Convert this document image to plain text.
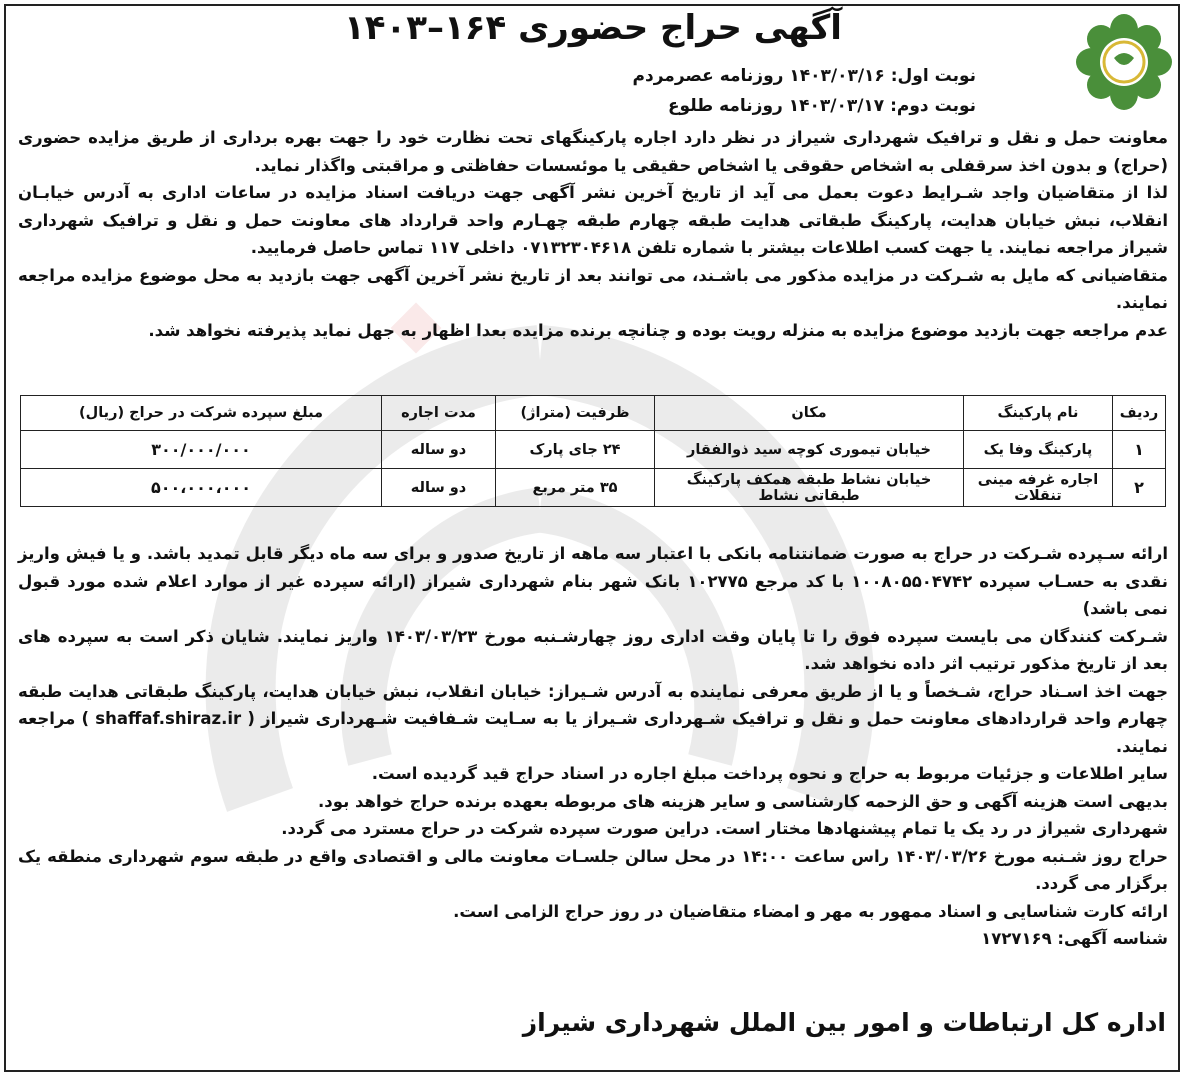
آگهی حراج حضوری ۱۶۴–۱۴۰۳
نوبت اول: ۱۴۰۳/۰۳/۱۶ روزنامه عصرمردم
نوبت دوم: ۱۴۰۳/۰۳/۱۷ روزنامه طلوع
معاونت حمل و نقل و ترافیک شهرداری شیراز در نظر دارد اجاره پارکینگهای تحت نظارت خود را جهت بهره برداری از طریق مزایده حضوری (حراج) و بدون اخذ سرقفلی به اشخاص حقوقی یا اشخاص حقیقی یا موئسسات حفاظتی و مراقبتی واگذار نماید.
لذا از متقاضیان واجد شـرایط دعوت بعمل می آید از تاریخ آخرین نشر آگهی جهت دریافت اسناد مزایده در ساعات اداری به آدرس خیابـان انقلاب، نبش خیابان هدایت، پارکینگ طبقاتی هدایت طبقه چهارم طبقه چهـارم واحد قرارداد های معاونت حمل و نقل و ترافیک شهرداری شیراز مراجعه نمایند. یا جهت کسب اطلاعات بیشتر با شماره تلفن ۰۷۱۳۲۳۰۴۶۱۸ داخلی ۱۱۷ تماس حاصل فرمایید.
متقاضیانی که مایل به شـرکت در مزایده مذکور می باشـند، می توانند بعد از تاریخ نشر آخرین آگهی جهت بازدید به محل موضوع مزایده مراجعه نمایند.
عدم مراجعه جهت بازدید موضوع مزایده به منزله رویت بوده و چنانچه برنده مزایده بعدا اظهار به جهل نماید پذیرفته نخواهد شد.
ردیف	نام پارکینگ	مکان	ظرفیت (متراژ)	مدت اجاره	مبلغ سپرده شرکت در حراج (ریال)
۱	پارکینگ وفا یک	خیابان تیموری کوچه سید ذوالفقار	۲۴ جای پارک	دو ساله	۳۰۰/۰۰۰/۰۰۰
۲	اجاره غرفه مینی تنقلات	خیابان نشاط طبقه همکف پارکینگ طبقاتی نشاط	۳۵ متر مربع	دو ساله	۵۰۰،۰۰۰،۰۰۰
ارائه سـپرده شـرکت در حراج به صورت ضمانتنامه بانکی با اعتبار سه ماهه از تاریخ صدور و برای سه ماه دیگر قابل تمدید باشد. و یا فیش واریز نقدی به حسـاب سپرده ۱۰۰۸۰۵۵۰۴۷۴۲ با کد مرجع ۱۰۲۷۷۵ بانک شهر بنام شهرداری شیراز (ارائه سپرده غیر از موارد اعلام شده مورد قبول نمی باشد)
شـرکت کنندگان می بایست سپرده فوق را تا پایان وقت اداری روز چهارشـنبه مورخ ۱۴۰۳/۰۳/۲۳ واریز نمایند. شایان ذکر است به سپرده های بعد از تاریخ مذکور ترتیب اثر داده نخواهد شد.
جهت اخذ اسـناد حراج، شـخصاً و یا از طریق معرفی نماینده به آدرس شـیراز: خیابان انقلاب، نبش خیابان هدایت، پارکینگ طبقاتی هدایت طبقه چهارم واحد قراردادهای معاونت حمل و نقل و ترافیک شـهرداری شـیراز یا به سـایت شـفافیت شـهرداری شیراز ( shaffaf.shiraz.ir ) مراجعه نمایند.
سایر اطلاعات و جزئیات مربوط به حراج و نحوه پرداخت مبلغ اجاره در اسناد حراج قید گردیده است.
بدیهی است هزینه آگهی و حق الزحمه کارشناسی و سایر هزینه های مربوطه بعهده برنده حراج خواهد بود.
شهرداری شیراز در رد یک یا تمام پیشنهادها مختار است. دراین صورت سپرده شرکت در حراج مسترد می گردد.
حراج روز شـنبه مورخ ۱۴۰۳/۰۳/۲۶ راس ساعت ۱۴:۰۰ در محل سالن جلسـات معاونت مالی و اقتصادی واقع در طبقه سوم شهرداری منطقه یک برگزار می گردد.
ارائه کارت شناسایی و اسناد ممهور به مهر و امضاء متقاضیان در روز حراج الزامی است.
شناسه آگهی: ۱۷۲۷۱۶۹
اداره کل ارتباطات و امور بین الملل شهرداری شیراز
